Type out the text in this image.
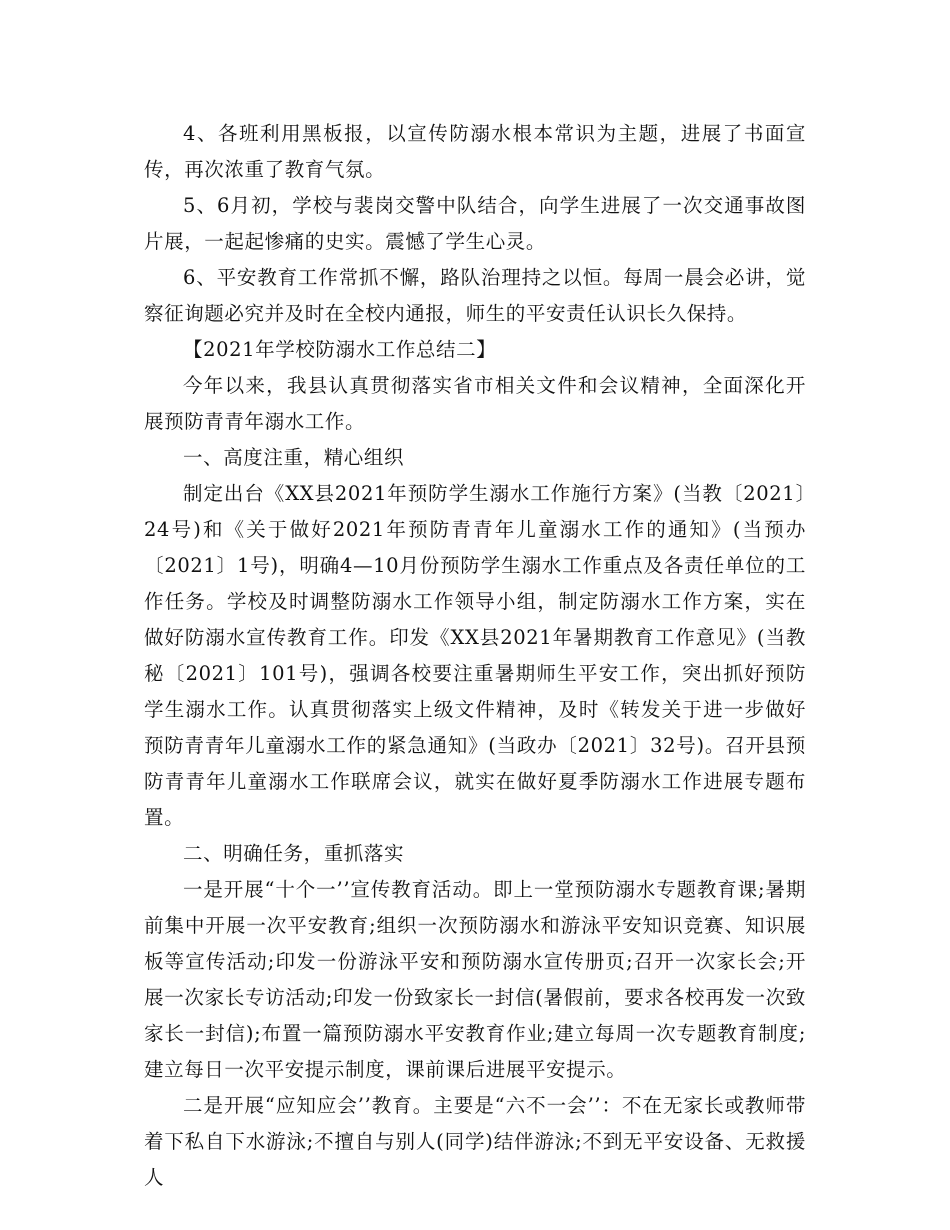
4、各班利用黑板报，以宣传防溺水根本常识为主题，进展了书面宣传，再次浓重了教育气氛。

5、6月初，学校与裴岗交警中队结合，向学生进展了一次交通事故图片展，一起起惨痛的史实。震憾了学生心灵。

6、平安教育工作常抓不懈，路队治理持之以恒。每周一晨会必讲，觉察征询题必究并及时在全校内通报，师生的平安责任认识长久保持。

【2021年学校防溺水工作总结二】

今年以来，我县认真贯彻落实省市相关文件和会议精神，全面深化开展预防青青年溺水工作。

一、高度注重，精心组织

制定出台《XX县2021年预防学生溺水工作施行方案》(当教〔2021〕24号)和《关于做好2021年预防青青年儿童溺水工作的通知》(当预办〔2021〕1号)，明确4—10月份预防学生溺水工作重点及各责任单位的工作任务。学校及时调整防溺水工作领导小组，制定防溺水工作方案，实在做好防溺水宣传教育工作。印发《XX县2021年暑期教育工作意见》(当教秘〔2021〕101号)，强调各校要注重暑期师生平安工作，突出抓好预防学生溺水工作。认真贯彻落实上级文件精神，及时《转发关于进一步做好预防青青年儿童溺水工作的紧急通知》(当政办〔2021〕32号)。召开县预防青青年儿童溺水工作联席会议，就实在做好夏季防溺水工作进展专题布置。

二、明确任务，重抓落实

一是开展“十个一’’宣传教育活动。即上一堂预防溺水专题教育课;暑期前集中开展一次平安教育;组织一次预防溺水和游泳平安知识竞赛、知识展板等宣传活动;印发一份游泳平安和预防溺水宣传册页;召开一次家长会;开展一次家长专访活动;印发一份致家长一封信(暑假前，要求各校再发一次致家长一封信);布置一篇预防溺水平安教育作业;建立每周一次专题教育制度;建立每日一次平安提示制度，课前课后进展平安提示。

二是开展“应知应会’’教育。主要是“六不一会’’：不在无家长或教师带着下私自下水游泳;不擅自与别人(同学)结伴游泳;不到无平安设备、无救援人
